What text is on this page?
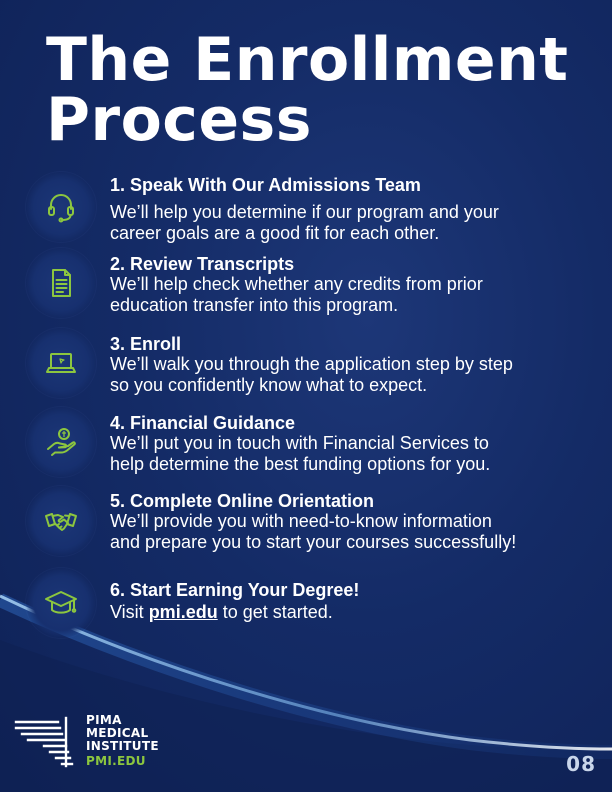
The Enrollment
Process

1. Speak With Our Admissions Team

We’ll help you determine if our program and your
career goals are a good fit for each other.

2. Review Transcripts

We’ll help check whether any credits from prior
education transfer into this program.

3. Enroll

We’ll walk you through the application step by step
so you confidently know what to expect.

4. Financial Guidance

We’ll put you in touch with Financial Services to
help determine the best funding options for you.

5. Complete Online Orientation

We’ll provide you with need-to-know information
and prepare you to start your courses successfully!

6. Start Earning Your Degree!

Visit pmi.edu to get started.

PIMA
MEDICAL
INSTITUTE
PMI.EDU	08
